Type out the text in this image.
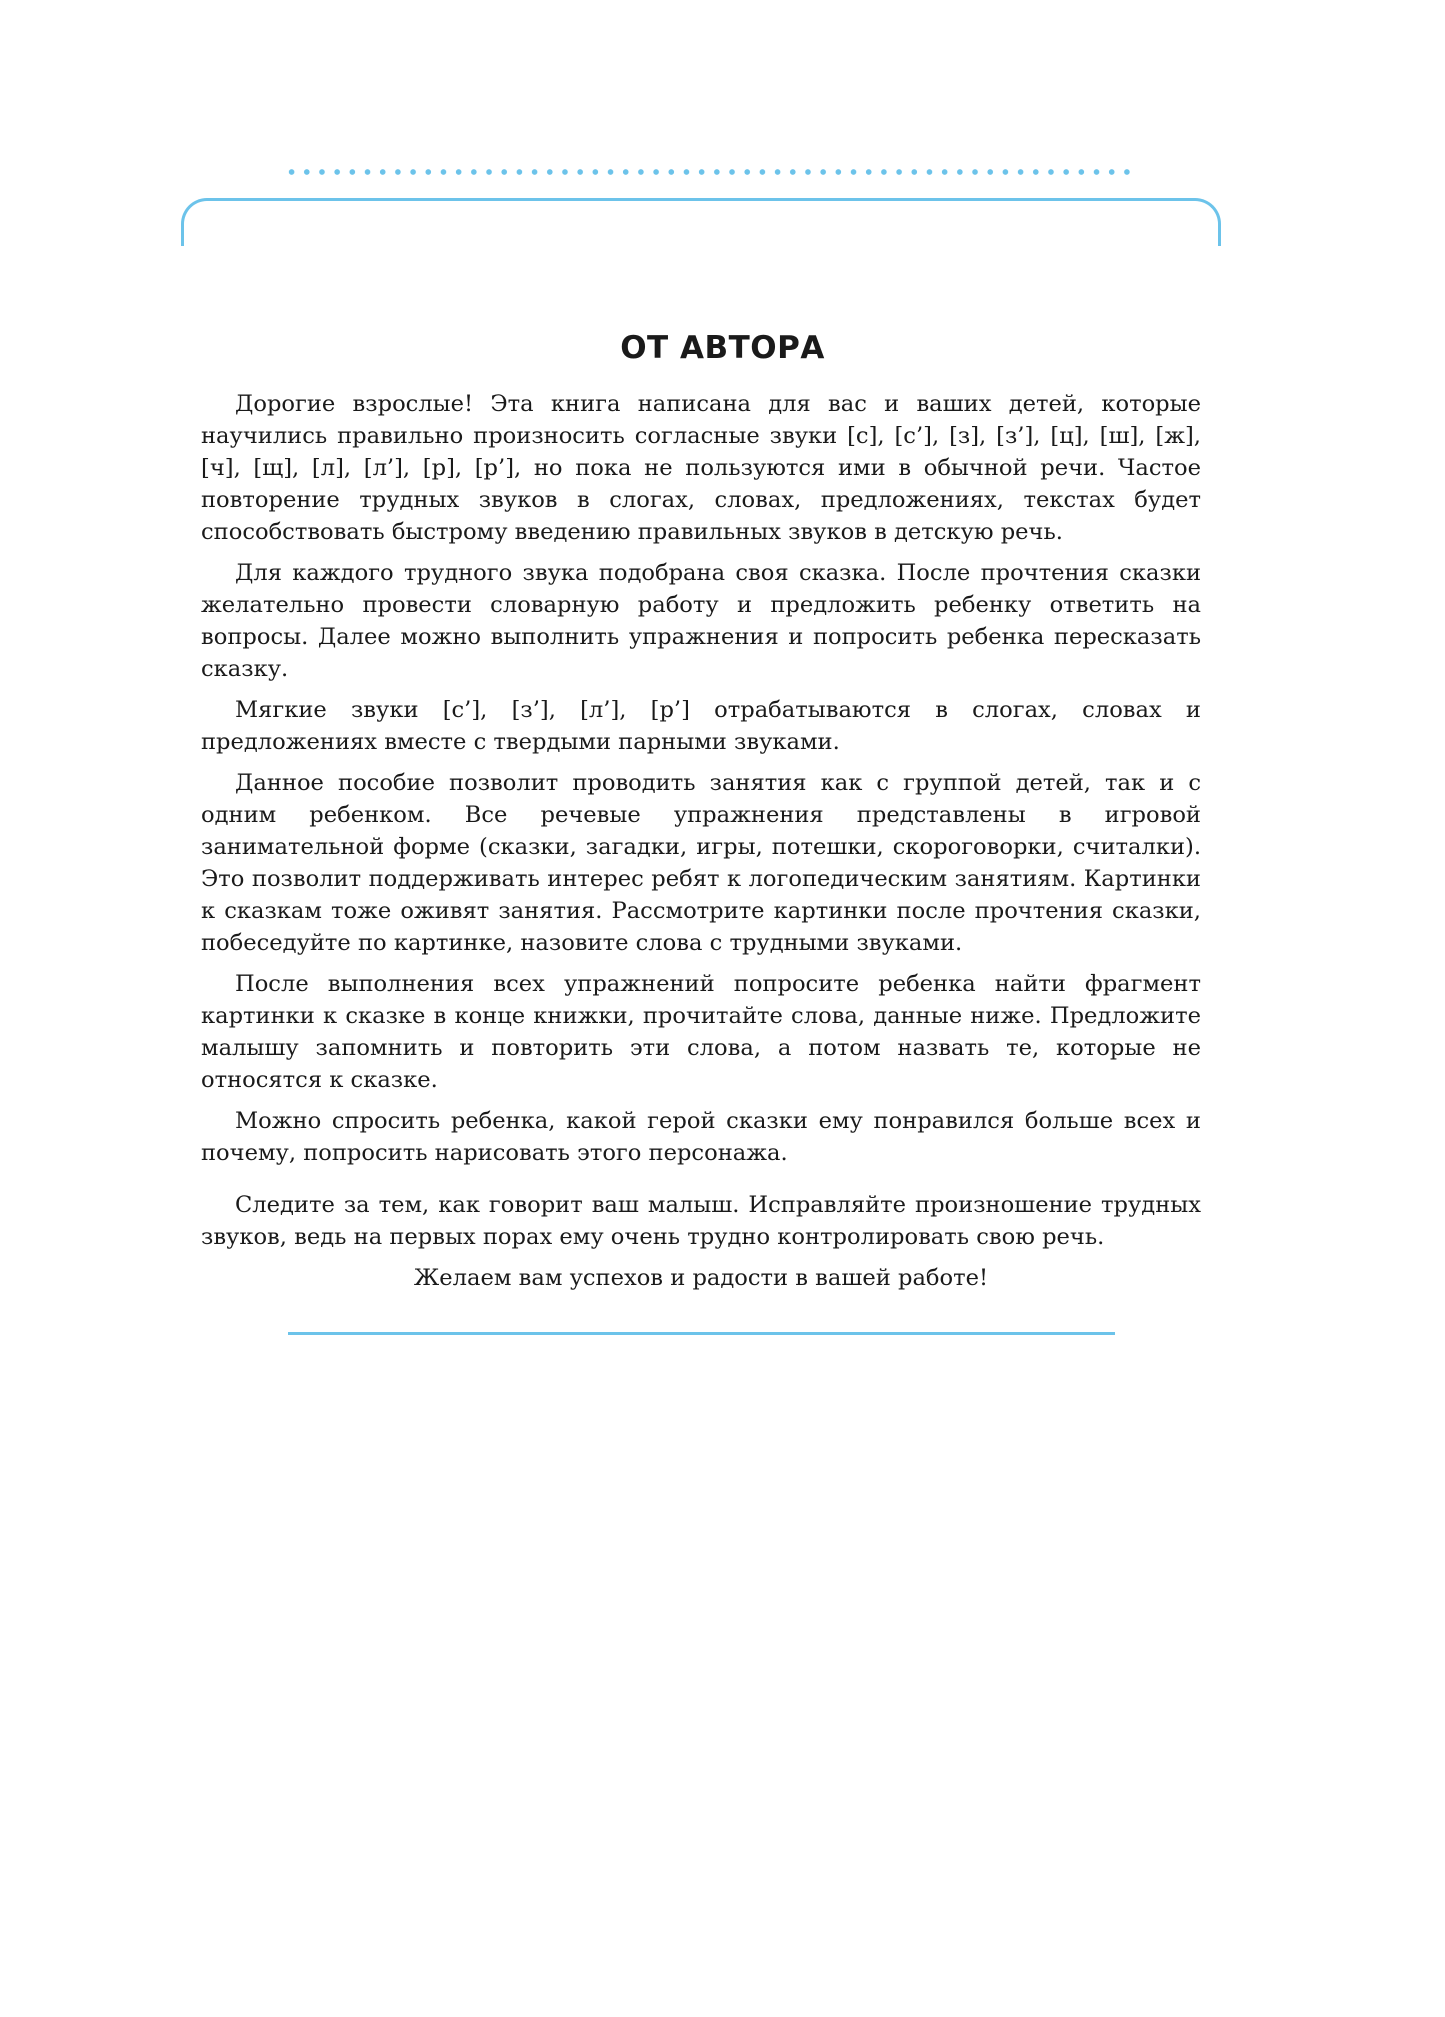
ОТ АВТОРА

Дорогие взрослые! Эта книга написана для вас и ваших детей, которые научились правильно произносить согласные звуки [с], [с’], [з], [з’], [ц], [ш], [ж], [ч], [щ], [л], [л’], [р], [р’], но пока не пользуются ими в обычной речи. Частое повторение трудных звуков в слогах, словах, предложениях, текстах будет способствовать быстрому введению правильных звуков в детскую речь.

Для каждого трудного звука подобрана своя сказка. После прочтения сказки желательно провести словарную работу и предложить ребенку ответить на вопросы. Далее можно выполнить упражнения и попросить ребенка пересказать сказку.

Мягкие звуки [с’], [з’], [л’], [р’] отрабатываются в слогах, словах и предложениях вместе с твердыми парными звуками.

Данное пособие позволит проводить занятия как с группой детей, так и с одним ребенком. Все речевые упражнения представлены в игровой занимательной форме (сказки, загадки, игры, потешки, скороговорки, считалки). Это позволит поддерживать интерес ребят к логопедическим занятиям. Картинки к сказкам тоже оживят занятия. Рассмотрите картинки после прочтения сказки, побеседуйте по картинке, назовите слова с трудными звуками.

После выполнения всех упражнений попросите ребенка найти фрагмент картинки к сказке в конце книжки, прочитайте слова, данные ниже. Предложите малышу запомнить и повторить эти слова, а потом назвать те, которые не относятся к сказке.

Можно спросить ребенка, какой герой сказки ему понравился больше всех и почему, попросить нарисовать этого персонажа.

Следите за тем, как говорит ваш малыш. Исправляйте произношение трудных звуков, ведь на первых порах ему очень трудно контролировать свою речь.

Желаем вам успехов и радости в вашей работе!
